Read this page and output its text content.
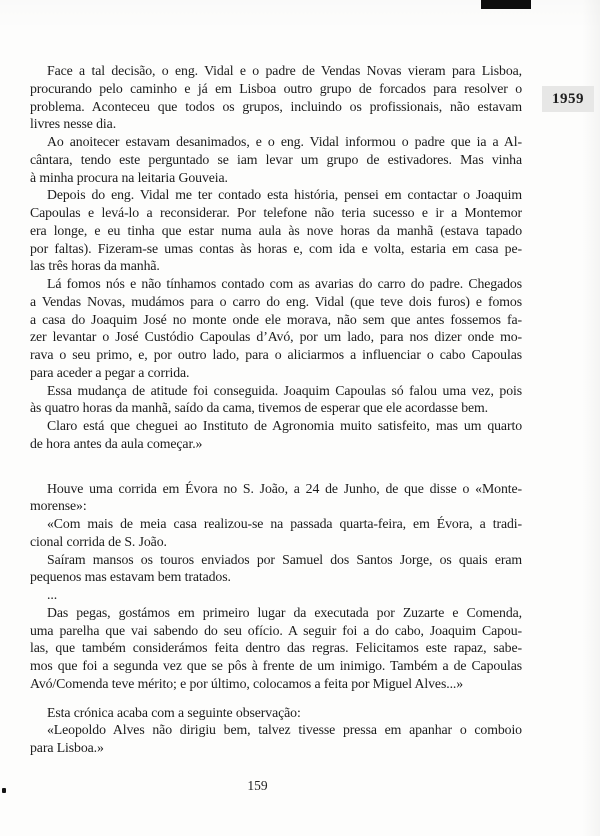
1959
Face a tal decisão, o eng. Vidal e o padre de Vendas Novas vieram para Lisboa,
procurando pelo caminho e já em Lisboa outro grupo de forcados para resolver o
problema. Aconteceu que todos os grupos, incluindo os profissionais, não estavam
livres nesse dia.
Ao anoitecer estavam desanimados, e o eng. Vidal informou o padre que ia a Al-
cântara, tendo este perguntado se iam levar um grupo de estivadores. Mas vinha
à minha procura na leitaria Gouveia.
Depois do eng. Vidal me ter contado esta história, pensei em contactar o Joaquim
Capoulas e levá-lo a reconsiderar. Por telefone não teria sucesso e ir a Montemor
era longe, e eu tinha que estar numa aula às nove horas da manhã (estava tapado
por faltas). Fizeram-se umas contas às horas e, com ida e volta, estaria em casa pe-
las três horas da manhã.
Lá fomos nós e não tínhamos contado com as avarias do carro do padre. Chegados
a Vendas Novas, mudámos para o carro do eng. Vidal (que teve dois furos) e fomos
a casa do Joaquim José no monte onde ele morava, não sem que antes fossemos fa-
zer levantar o José Custódio Capoulas d’Avó, por um lado, para nos dizer onde mo-
rava o seu primo, e, por outro lado, para o aliciarmos a influenciar o cabo Capoulas
para aceder a pegar a corrida.
Essa mudança de atitude foi conseguida. Joaquim Capoulas só falou uma vez, pois
às quatro horas da manhã, saído da cama, tivemos de esperar que ele acordasse bem.
Claro está que cheguei ao Instituto de Agronomia muito satisfeito, mas um quarto
de hora antes da aula começar.»
Houve uma corrida em Évora no S. João, a 24 de Junho, de que disse o «Monte-
morense»:
«Com mais de meia casa realizou-se na passada quarta-feira, em Évora, a tradi-
cional corrida de S. João.
Saíram mansos os touros enviados por Samuel dos Santos Jorge, os quais eram
pequenos mas estavam bem tratados.
...
Das pegas, gostámos em primeiro lugar da executada por Zuzarte e Comenda,
uma parelha que vai sabendo do seu ofício. A seguir foi a do cabo, Joaquim Capou-
las, que também considerámos feita dentro das regras. Felicitamos este rapaz, sabe-
mos que foi a segunda vez que se pôs à frente de um inimigo. Também a de Capoulas
Avó/Comenda teve mérito; e por último, colocamos a feita por Miguel Alves...»
Esta crónica acaba com a seguinte observação:
«Leopoldo Alves não dirigiu bem, talvez tivesse pressa em apanhar o comboio
para Lisboa.»
159
